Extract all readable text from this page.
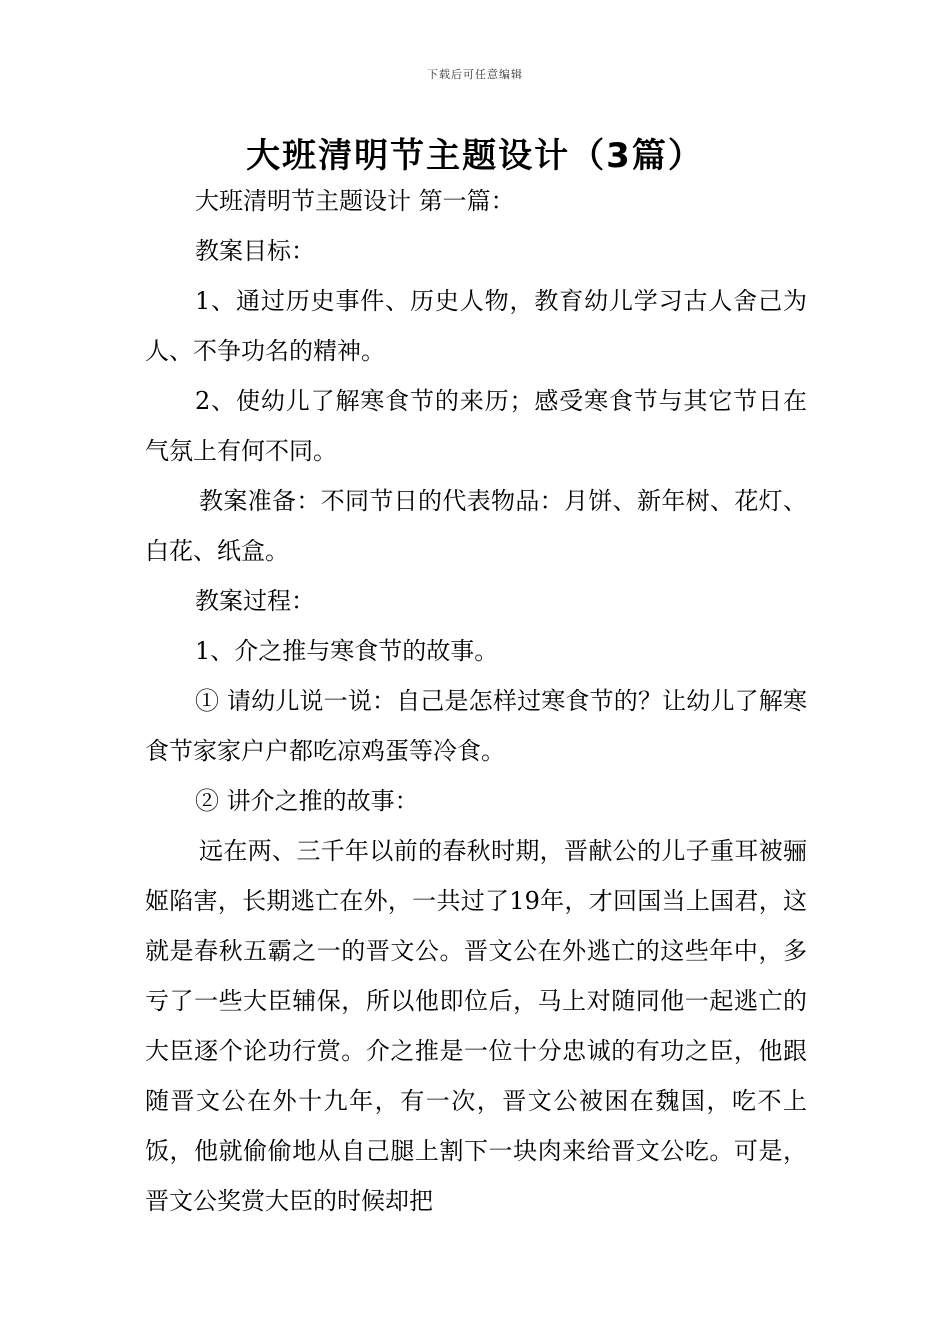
下载后可任意编辑
大班清明节主题设计（3篇）

大班清明节主题设计 第一篇：

教案目标：

1、通过历史事件、历史人物，教育幼儿学习古人舍己为人、不争功名的精神。

2、使幼儿了解寒食节的来历；感受寒食节与其它节日在气氛上有何不同。

教案准备：不同节日的代表物品：月饼、新年树、花灯、白花、纸盒。

教案过程：

1、介之推与寒食节的故事。

① 请幼儿说一说：自己是怎样过寒食节的？让幼儿了解寒食节家家户户都吃凉鸡蛋等冷食。

② 讲介之推的故事：

远在两、三千年以前的春秋时期，晋献公的儿子重耳被骊姬陷害，长期逃亡在外，一共过了19年，才回国当上国君，这就是春秋五霸之一的晋文公。晋文公在外逃亡的这些年中，多亏了一些大臣辅保，所以他即位后，马上对随同他一起逃亡的大臣逐个论功行赏。介之推是一位十分忠诚的有功之臣，他跟随晋文公在外十九年，有一次，晋文公被困在魏国，吃不上饭，他就偷偷地从自己腿上割下一块肉来给晋文公吃。可是，晋文公奖赏大臣的时候却把
